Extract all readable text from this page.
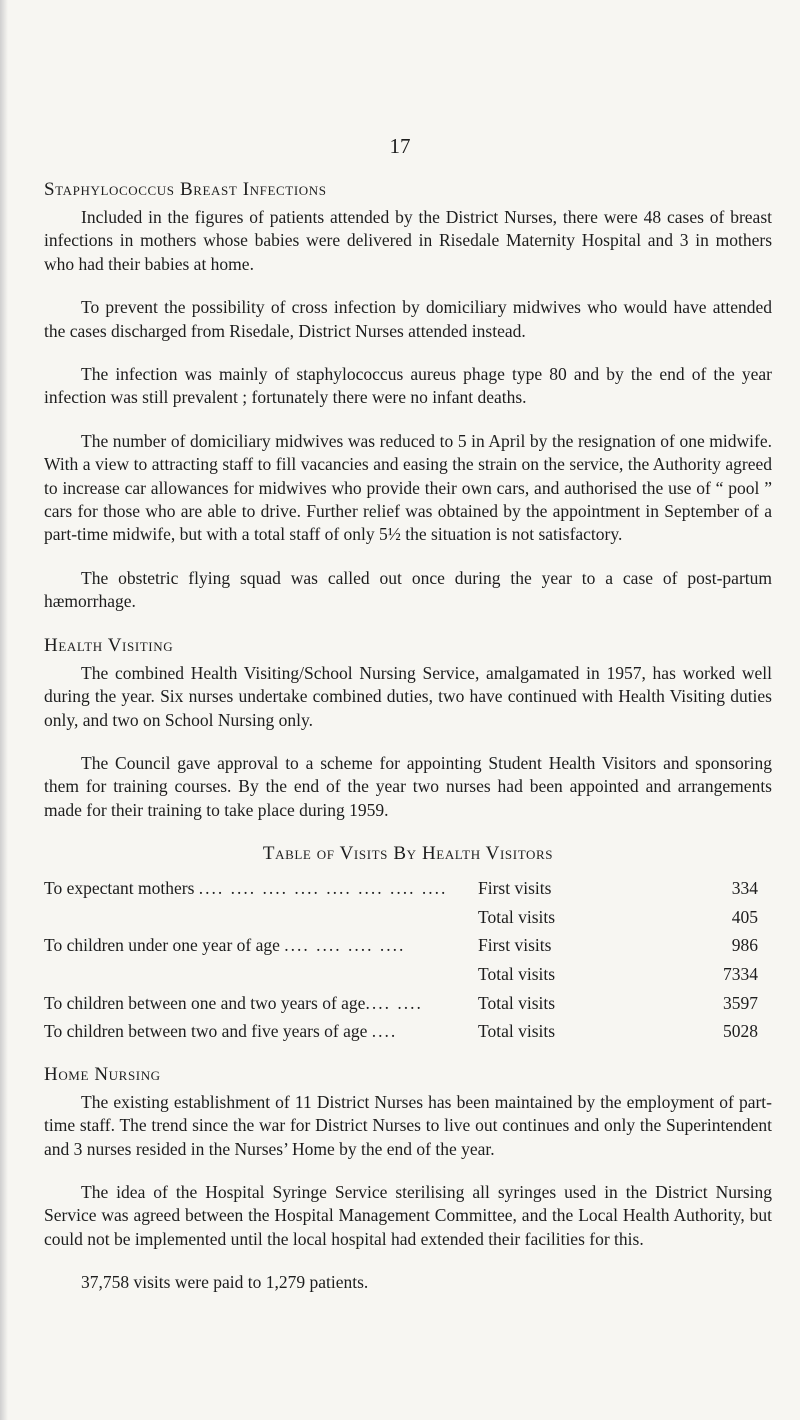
17
Staphylococcus Breast Infections

Included in the figures of patients attended by the District Nurses, there were 48 cases of breast infections in mothers whose babies were delivered in Risedale Maternity Hospital and 3 in mothers who had their babies at home.

To prevent the possibility of cross infection by domiciliary midwives who would have attended the cases discharged from Risedale, District Nurses attended instead.

The infection was mainly of staphylococcus aureus phage type 80 and by the end of the year infection was still prevalent ; fortunately there were no infant deaths.

The number of domiciliary midwives was reduced to 5 in April by the resignation of one midwife. With a view to attracting staff to fill vacancies and easing the strain on the service, the Authority agreed to increase car allowances for midwives who provide their own cars, and authorised the use of “ pool ” cars for those who are able to drive. Further relief was obtained by the appointment in September of a part-time midwife, but with a total staff of only 5½ the situation is not satisfactory.

The obstetric flying squad was called out once during the year to a case of post-partum hæmorrhage.

Health Visiting

The combined Health Visiting/School Nursing Service, amalgamated in 1957, has worked well during the year. Six nurses undertake combined duties, two have continued with Health Visiting duties only, and two on School Nursing only.

The Council gave approval to a scheme for appointing Student Health Visitors and sponsoring them for training courses. By the end of the year two nurses had been appointed and arrangements made for their training to take place during 1959.

Table of Visits By Health Visitors
To expectant mothers .... .... .... .... .... .... .... .... First visits	334
Total visits	405
To children under one year of age .... .... .... ....	First visits	986
Total visits	7334
To children between one and two years of age.... ....	Total visits	3597
To children between two and five years of age ....	Total visits	5028
Home Nursing

The existing establishment of 11 District Nurses has been maintained by the employment of part-time staff. The trend since the war for District Nurses to live out continues and only the Superintendent and 3 nurses resided in the Nurses’ Home by the end of the year.

The idea of the Hospital Syringe Service sterilising all syringes used in the District Nursing Service was agreed between the Hospital Management Committee, and the Local Health Authority, but could not be implemented until the local hospital had extended their facilities for this.

37,758 visits were paid to 1,279 patients.
